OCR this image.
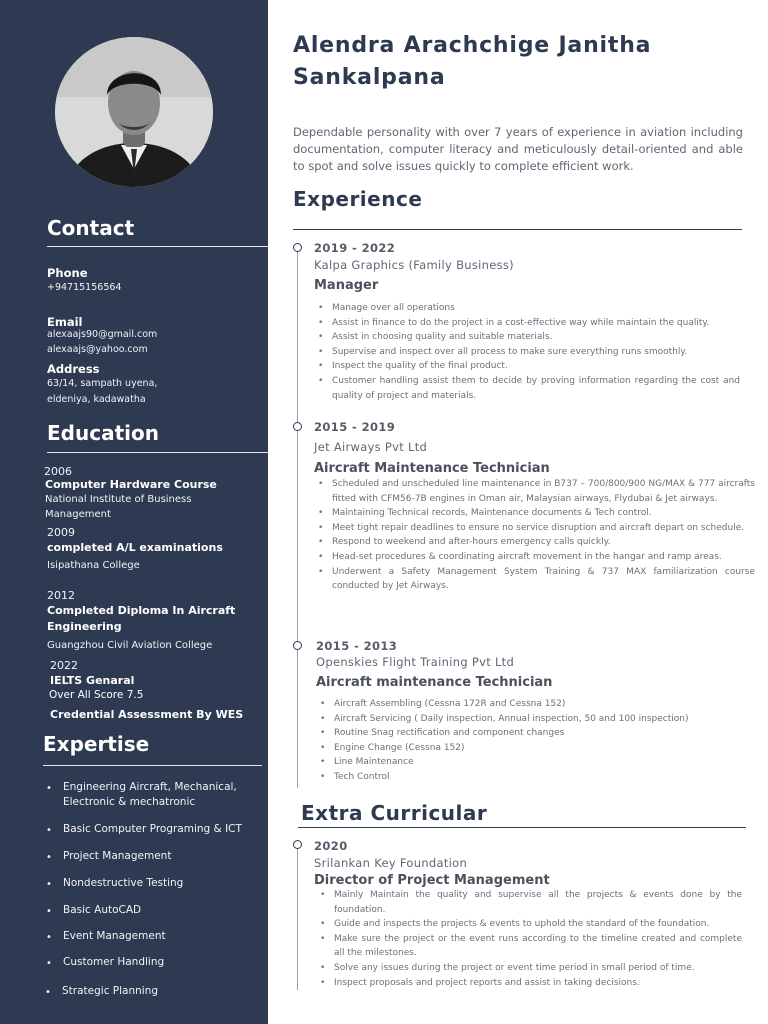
Contact
Phone
+94715156564
Email
alexaajs90@gmail.com
alexaajs@yahoo.com
Address
63/14, sampath uyena,
eldeniya, kadawatha
Education
2006
Computer Hardware Course
National Institute of Business Management
2009
completed A/L examinations
Isipathana College
2012
Completed Diploma In Aircraft Engineering
Guangzhou Civil Aviation College
2022
IELTS Genaral
Over All Score 7.5
Credential Assessment By WES
Expertise
•	Engineering Aircraft, Mechanical, Electronic & mechatronic
•	Basic Computer Programing & ICT
•	Project Management
•	Nondestructive Testing
•	Basic AutoCAD
•	Event Management
•	Customer Handling
•	Strategic Planning
Alendra Arachchige Janitha Sankalpana
Dependable personality with over 7 years of experience in aviation including documentation, computer literacy and meticulously detail-oriented and able to spot and solve issues quickly to complete efficient work.
Experience
2019 - 2022
Kalpa Graphics (Family Business)
Manager
• Manage over all operations
• Assist in finance to do the project in a cost-effective way while maintain the quality.
• Assist in choosing quality and suitable materials.
• Supervise and inspect over all process to make sure everything runs smoothly.
• Inspect the quality of the final product.
• Customer handling assist them to decide by proving information regarding the cost and quality of project and materials.
2015 - 2019
Jet Airways Pvt Ltd
Aircraft Maintenance Technician
• Scheduled and unscheduled line maintenance in B737 – 700/800/900 NG/MAX & 777 aircrafts fitted with CFM56-7B engines in Oman air, Malaysian airways, Flydubai & Jet airways.
• Maintaining Technical records, Maintenance documents & Tech control.
• Meet tight repair deadlines to ensure no service disruption and aircraft depart on schedule.
• Respond to weekend and after-hours emergency calls quickly.
• Head-set procedures & coordinating aircraft movement in the hangar and ramp areas.
• Underwent a Safety Management System Training & 737 MAX familiarization course conducted by Jet Airways.
2015 - 2013
Openskies Flight Training Pvt Ltd
Aircraft maintenance Technician
• Aircraft Assembling (Cessna 172R and Cessna 152)
• Aircraft Servicing ( Daily inspection, Annual inspection, 50 and 100 inspection)
• Routine Snag rectification and component changes
• Engine Change (Cessna 152)
• Line Maintenance
• Tech Control
Extra Curricular
2020
Srilankan Key Foundation
Director of Project Management
• Mainly Maintain the quality and supervise all the projects & events done by the foundation.
• Guide and inspects the projects & events to uphold the standard of the foundation.
• Make sure the project or the event runs according to the timeline created and complete all the milestones.
• Solve any issues during the project or event time period in small period of time.
• Inspect proposals and project reports and assist in taking decisions.
